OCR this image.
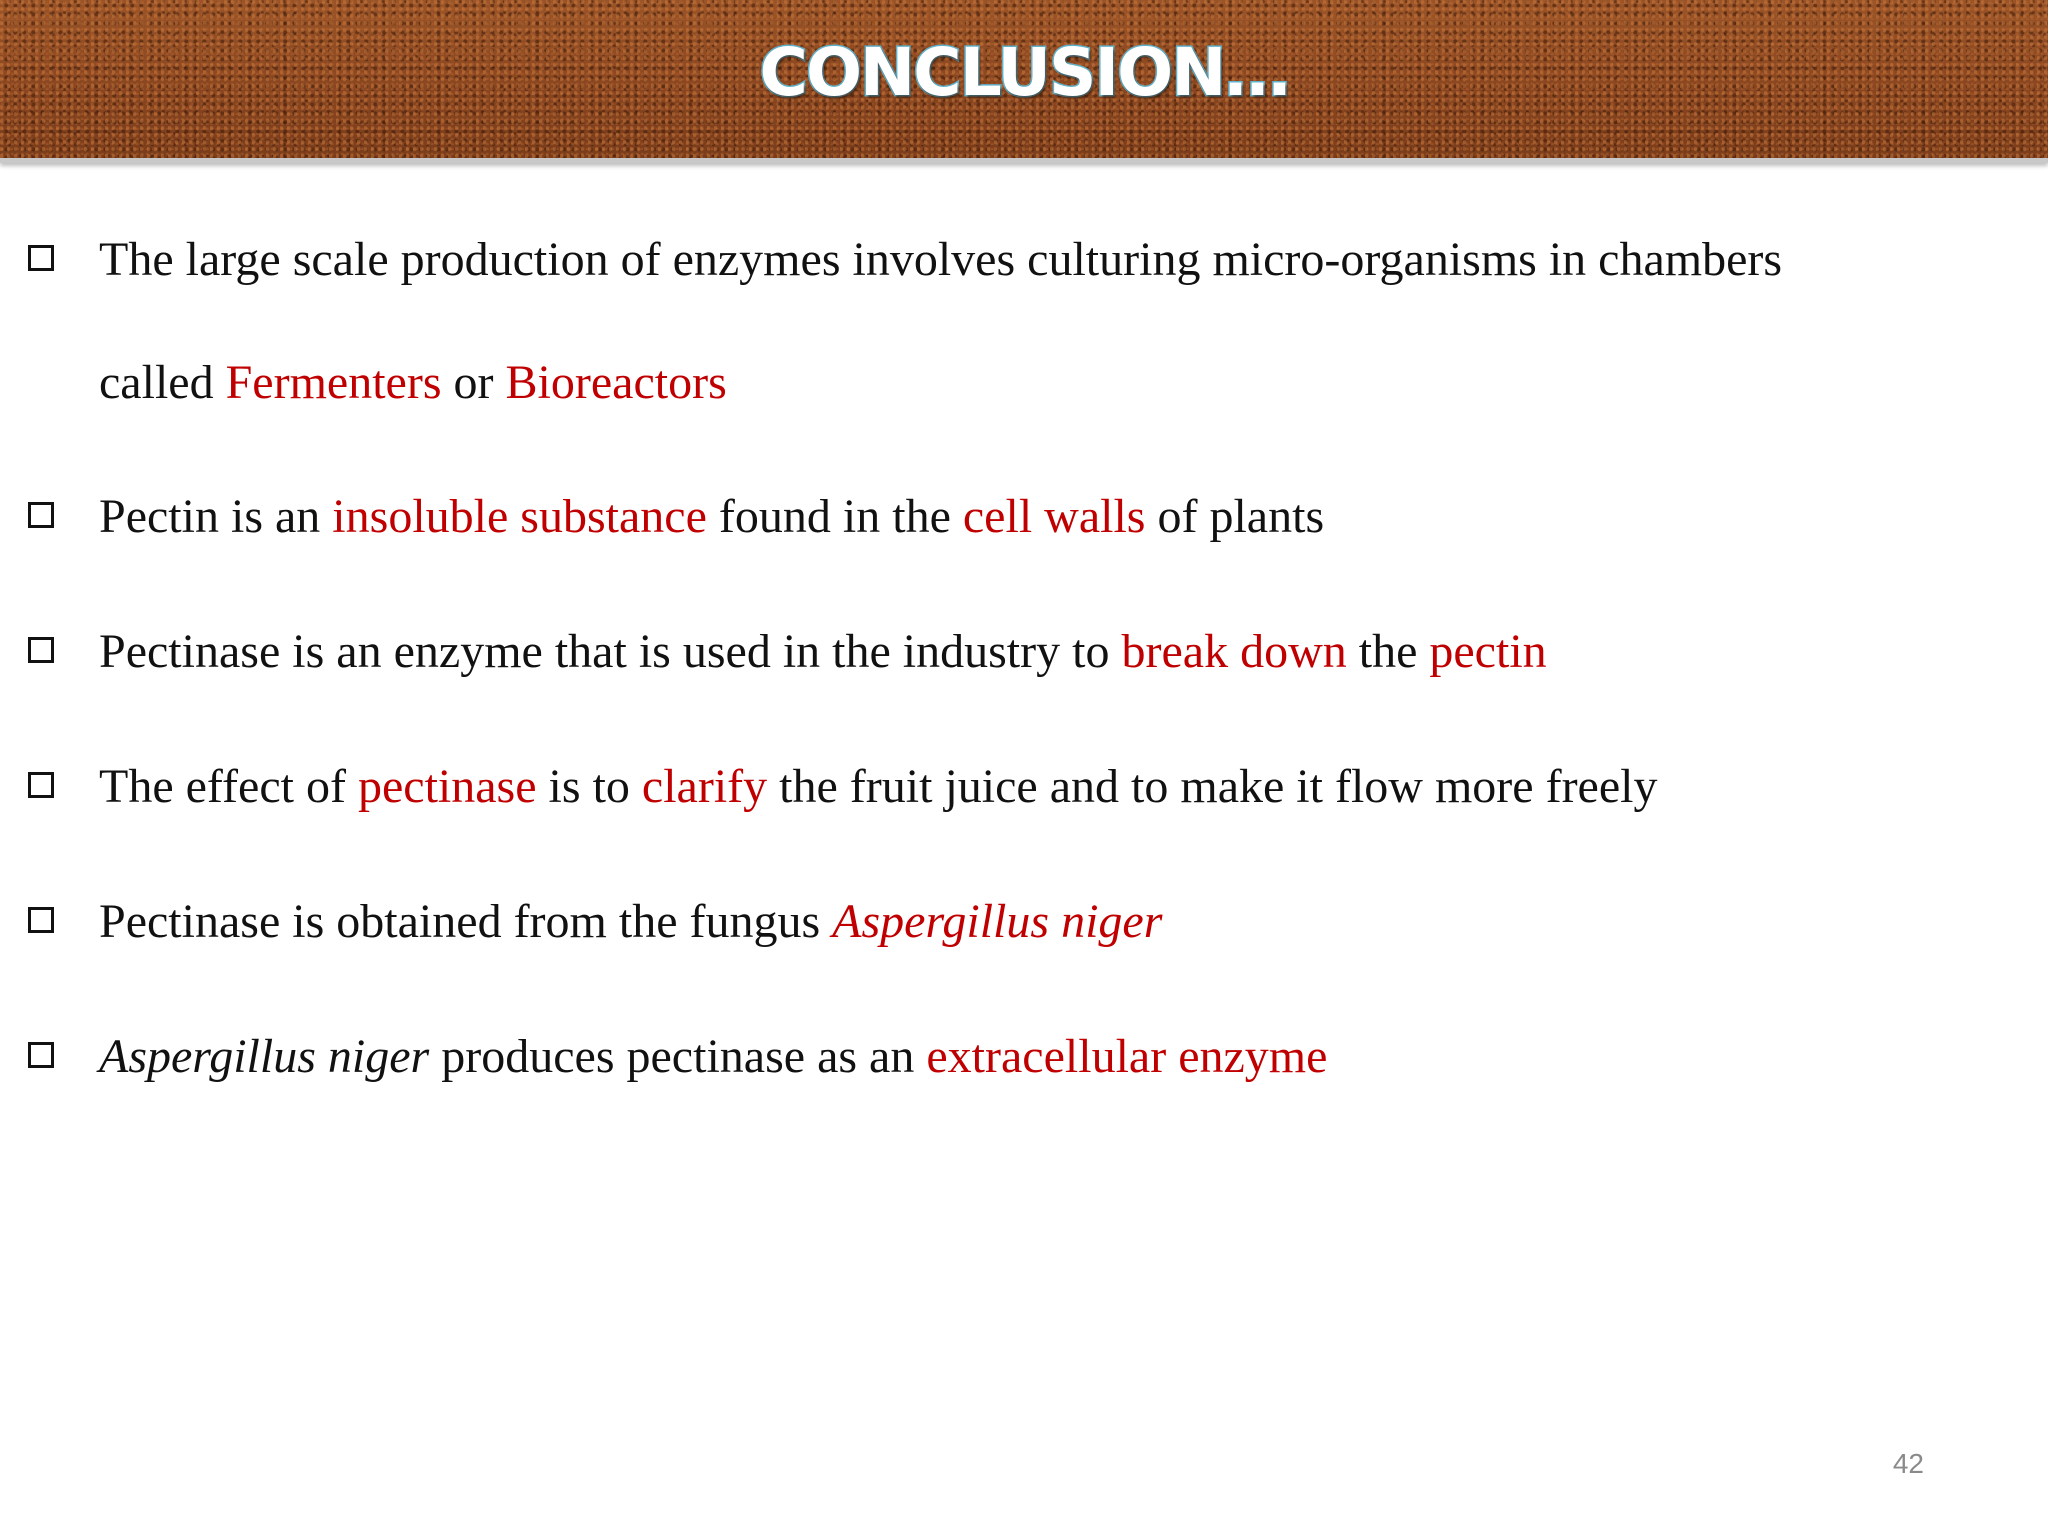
CONCLUSION…
The large scale production of enzymes involves culturing micro-organisms in chambers
called Fermenters or Bioreactors
Pectin is an insoluble substance found in the cell walls of plants
Pectinase is an enzyme that is used in the industry to break down the pectin
The effect of pectinase is to clarify the fruit juice and to make it flow more freely
Pectinase is obtained from the fungus Aspergillus niger
Aspergillus niger produces pectinase as an extracellular enzyme
42
